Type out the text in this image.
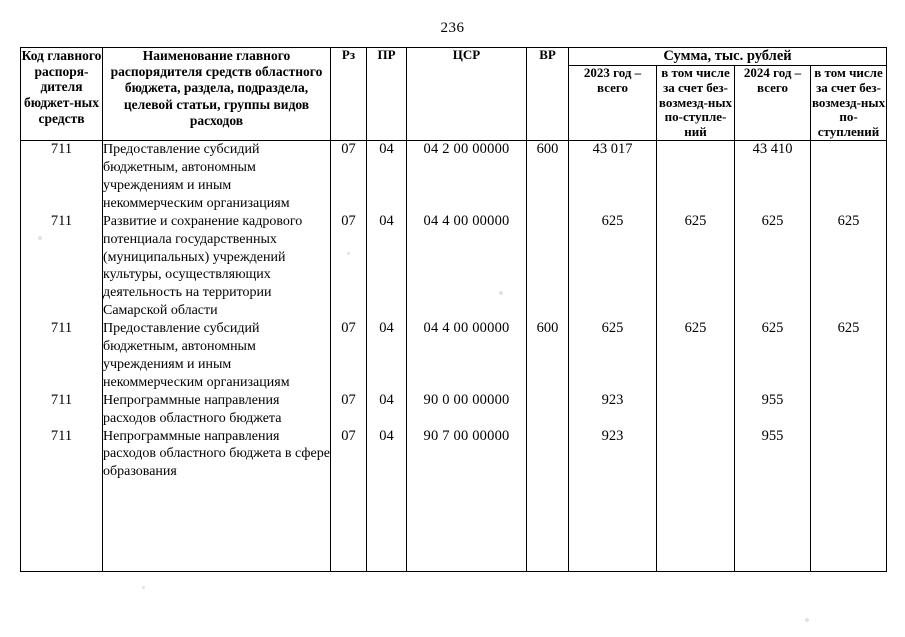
236
Код главного распоря-дителя бюджет-ных средств	Наименование главного распорядителя средств областного бюджета, раздела, подраздела, целевой статьи, группы видов расходов	Рз	ПР	ЦСР	ВР	Сумма, тыс. рублей			
						2023 год – всего	в том числе за счет без-возмезд-ных по-ступле-ний	2024 год – всего	в том числе за счет без-возмезд-ных по-ступлений
711	Предоставление субсидий бюджетным, автономным учреждениям и иным некоммерческим организациям	07	04	04 2 00 00000	600	43 017		43 410	
711	Развитие и сохранение кадрового потенциала государственных (муниципальных) учреждений культуры, осуществляющих деятельность на территории Самарской области	07	04	04 4 00 00000		625	625	625	625
711	Предоставление субсидий бюджетным, автономным учреждениям и иным некоммерческим организациям	07	04	04 4 00 00000	600	625	625	625	625
711	Непрограммные направления расходов областного бюджета	07	04	90 0 00 00000		923		955	
711	Непрограммные направления расходов областного бюджета в сфере образования	07	04	90 7 00 00000		923		955	
